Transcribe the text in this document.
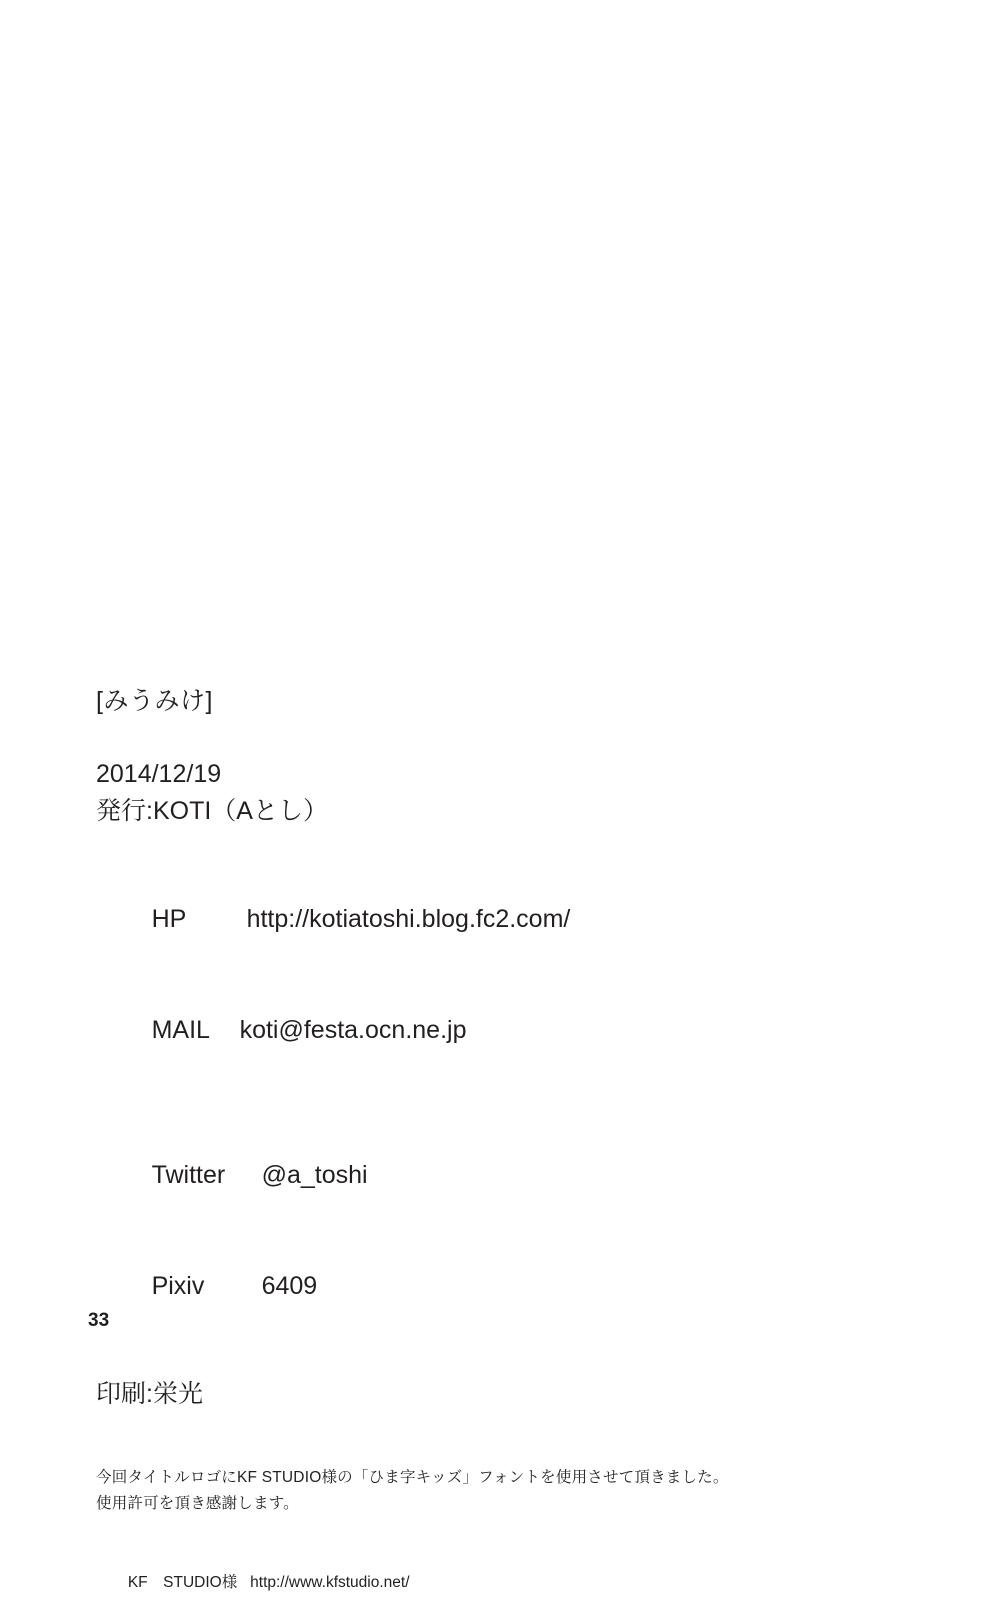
[みうみけ]
2014/12/19
発行:KOTI（Aとし）

HP http://kotiatoshi.blog.fc2.com/

MAIL koti@festa.ocn.ne.jp

Twitter @a_toshi

Pixiv 6409

印刷:栄光
今回タイトルロゴにKF STUDIO様の「ひま字キッズ」フォントを使用させて頂きました。
使用許可を頂き感謝します。

KF　STUDIO様 http://www.kfstudio.net/

33
